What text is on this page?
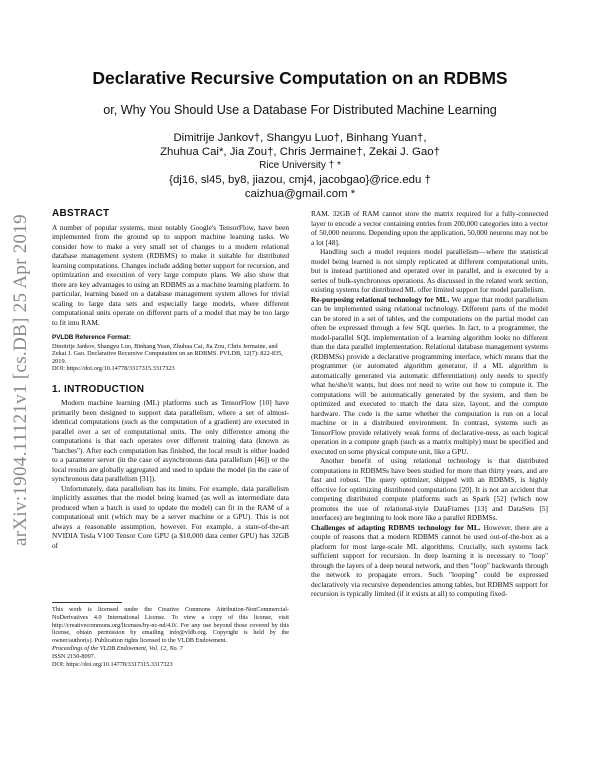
arXiv:1904.11121v1 [cs.DB] 25 Apr 2019
Declarative Recursive Computation on an RDBMS
or, Why You Should Use a Database For Distributed Machine Learning
Dimitrije Jankov†, Shangyu Luo†, Binhang Yuan†,
Zhuhua Cai*, Jia Zou†, Chris Jermaine†, Zekai J. Gao†
Rice University † *
{dj16, sl45, by8, jiazou, cmj4, jacobgao}@rice.edu †
caizhua@gmail.com *
ABSTRACT

A number of popular systems, most notably Google's TensorFlow, have been implemented from the ground up to support machine learning tasks. We consider how to make a very small set of changes to a modern relational database management system (RDBMS) to make it suitable for distributed learning computations. Changes include adding better support for recursion, and optimization and execution of very large compute plans. We also show that there are key advantages to using an RDBMS as a machine learning platform. In particular, learning based on a database management system allows for trivial scaling to large data sets and especially large models, where different computational units operate on different parts of a model that may be too large to fit into RAM.

PVLDB Reference Format:

Dimitrije Jankov, Shangyu Luo, Binhang Yuan, Zhuhua Cai, Jia Zou, Chris Jermaine, and Zekai J. Gao. Declarative Recursive Computation on an RDBMS. PVLDB, 12(7): 822-835, 2019.

DOI: https://doi.org/10.14778/3317315.3317323

1. INTRODUCTION

Modern machine learning (ML) platforms such as TensorFlow [10] have primarily been designed to support data parallelism, where a set of almost-identical computations (such as the computation of a gradient) are executed in parallel over a set of computational units. The only difference among the computations is that each operates over different training data (known as "batches"). After each computation has finished, the local result is either loaded to a parameter server (in the case of asynchronous data parallelism [46]) or the local results are globally aggregated and used to update the model (in the case of synchronous data parallelism [31]).

Unfortunately, data parallelism has its limits. For example, data parallelism implicitly assumes that the model being learned (as well as intermediate data produced when a batch is used to update the model) can fit in the RAM of a computational unit (which may be a server machine or a GPU). This is not always a reasonable assumption, however. For example, a state-of-the-art NVIDIA Tesla V100 Tensor Core GPU (a $10,000 data center GPU) has 32GB of

This work is licensed under the Creative Commons Attribution-NonCommercial-NoDerivatives 4.0 International License. To view a copy of this license, visit http://creativecommons.org/licenses/by-nc-nd/4.0/. For any use beyond those covered by this license, obtain permission by emailing info@vldb.org. Copyright is held by the owner/author(s). Publication rights licensed to the VLDB Endowment.

Proceedings of the VLDB Endowment, Vol. 12, No. 7

ISSN 2150-8097.

DOI: https://doi.org/10.14778/3317315.3317323

RAM. 32GB of RAM cannot store the matrix required for a fully-connected layer to encode a vector containing entries from 200,000 categories into a vector of 50,000 neurons. Depending upon the application, 50,000 neurons may not be a lot [48].

Handling such a model requires model parallelism—where the statistical model being learned is not simply replicated at different computational units, but is instead partitioned and operated over in parallel, and is executed by a series of bulk-synchronous operations. As discussed in the related work section, existing systems for distributed ML offer limited support for model parallelism.

Re-purposing relational technology for ML. We argue that model parallelism can be implemented using relational technology. Different parts of the model can be stored in a set of tables, and the computations on the partial model can often be expressed through a few SQL queries. In fact, to a programmer, the model-parallel SQL implementation of a learning algorithm looks no different than the data parallel implementation. Relational database management systems (RDBMSs) provide a declarative programming interface, which means that the programmer (or automated algorithm generator, if a ML algorithm is automatically generated via automatic differentiation) only needs to specify what he/she/it wants, but does not need to write out how to compute it. The computations will be automatically generated by the system, and then be optimized and executed to match the data size, layout, and the compute hardware. The code is the same whether the computation is run on a local machine or in a distributed environment. In contrast, systems such as TensorFlow provide relatively weak forms of declarative-ness, as each logical operation in a compute graph (such as a matrix multiply) must be specified and executed on some physical compute unit, like a GPU.

Another benefit of using relational technology is that distributed computations in RDBMSs have been studied for more than thirty years, and are fast and robust. The query optimizer, shipped with an RDBMS, is highly effective for optimizing distributed computations [20]. It is not an accident that competing distributed compute platforms such as Spark [52] (which now promotes the use of relational-style DataFrames [13] and DataSets [5] interfaces) are beginning to look more like a parallel RDBMSs.

Challenges of adapting RDBMS technology for ML. However, there are a couple of reasons that a modern RDBMS cannot be used out-of-the-box as a platform for most large-scale ML algorithms. Crucially, such systems lack sufficient support for recursion. In deep learning it is necessary to "loop" through the layers of a deep neural network, and then "loop" backwards through the network to propagate errors. Such "looping" could be expressed declaratively via recursive dependencies among tables, but RDBMS support for recursion is typically limited (if it exists at all) to computing fixed-
